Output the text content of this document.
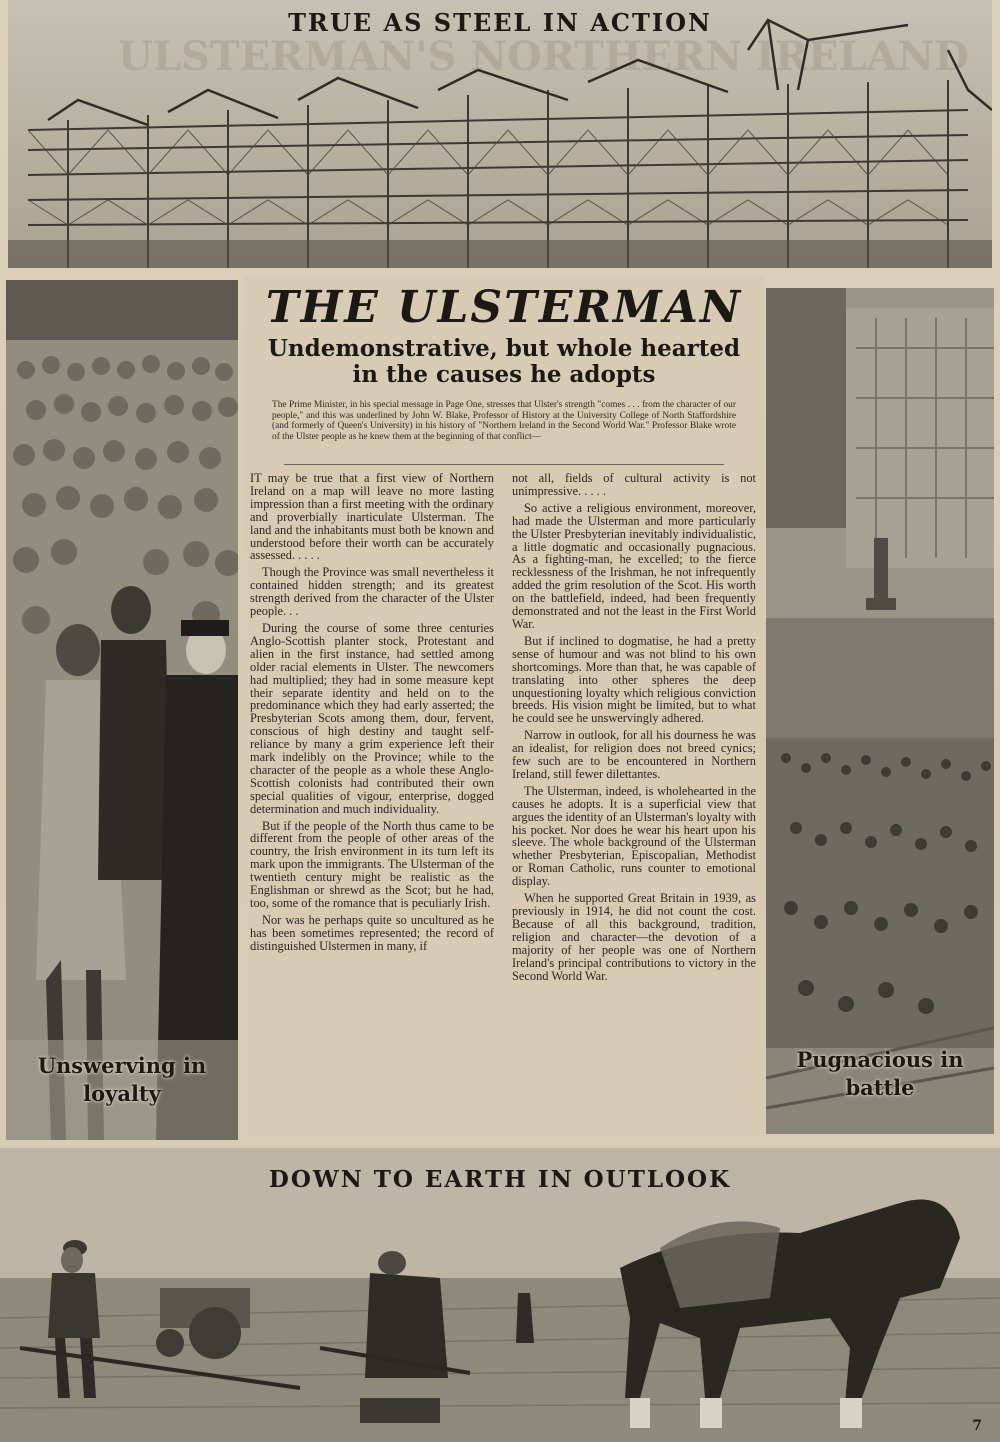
ULSTERMAN'S NORTHERN IRELAND
TRUE AS STEEL IN ACTION
Unswerving in
loyalty
Pugnacious in
battle
THE ULSTERMAN
Undemonstrative, but whole hearted in the causes he adopts
The Prime Minister, in his special message in Page One, stresses that Ulster's strength "comes . . . from the character of our people," and this was underlined by John W. Blake, Professor of History at the University College of North Staffordshire (and formerly of Queen's University) in his history of "Northern Ireland in the Second World War." Professor Blake wrote of the Ulster people as he knew them at the beginning of that conflict—

IT may be true that a first view of Northern Ireland on a map will leave no more lasting impression than a first meeting with the ordinary and proverbially inarticulate Ulsterman. The land and the inhabitants must both be known and understood before their worth can be accurately assessed. . . . .

Though the Province was small nevertheless it contained hidden strength; and its greatest strength derived from the character of the Ulster people. . .

During the course of some three centuries Anglo-Scottish planter stock, Protestant and alien in the first instance, had settled among older racial elements in Ulster. The newcomers had multiplied; they had in some measure kept their separate identity and held on to the predominance which they had early asserted; the Presbyterian Scots among them, dour, fervent, conscious of high destiny and taught self-reliance by many a grim experience left their mark indelibly on the Province; while to the character of the people as a whole these Anglo-Scottish colonists had contributed their own special qualities of vigour, enterprise, dogged determination and much individuality.

But if the people of the North thus came to be different from the people of other areas of the country, the Irish environment in its turn left its mark upon the immigrants. The Ulsterman of the twentieth century might be realistic as the Englishman or shrewd as the Scot; but he had, too, some of the romance that is peculiarly Irish.

Nor was he perhaps quite so uncultured as he has been sometimes represented; the record of distinguished Ulstermen in many, if

not all, fields of cultural activity is not unimpressive. . . . .

So active a religious environment, moreover, had made the Ulsterman and more particularly the Ulster Presbyterian inevitably individualistic, a little dogmatic and occasionally pugnacious. As a fighting-man, he excelled; to the fierce recklessness of the Irishman, he not infrequently added the grim resolution of the Scot. His worth on the battlefield, indeed, had been frequently demonstrated and not the least in the First World War.

But if inclined to dogmatise, he had a pretty sense of humour and was not blind to his own shortcomings. More than that, he was capable of translating into other spheres the deep unquestioning loyalty which religious conviction breeds. His vision might be limited, but to what he could see he unswervingly adhered.

Narrow in outlook, for all his dourness he was an idealist, for religion does not breed cynics; few such are to be encountered in Northern Ireland, still fewer dilettantes.

The Ulsterman, indeed, is wholehearted in the causes he adopts. It is a superficial view that argues the identity of an Ulsterman's loyalty with his pocket. Nor does he wear his heart upon his sleeve. The whole background of the Ulsterman whether Presbyterian, Episcopalian, Methodist or Roman Catholic, runs counter to emotional display.

When he supported Great Britain in 1939, as previously in 1914, he did not count the cost. Because of all this background, tradition, religion and character—the devotion of a majority of her people was one of Northern Ireland's principal contributions to victory in the Second World War.

DOWN TO EARTH IN OUTLOOK
7
